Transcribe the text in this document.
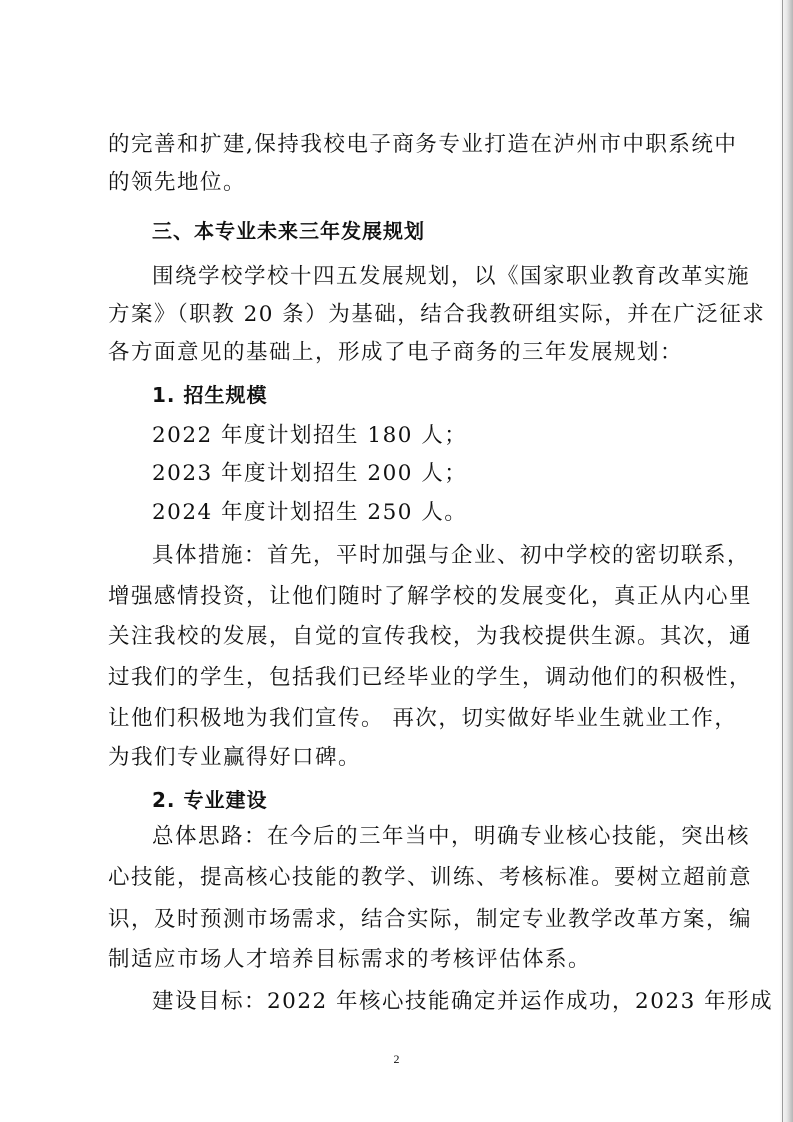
的完善和扩建,保持我校电子商务专业打造在泸州市中职系统中
的领先地位。
三、本专业未来三年发展规划
围绕学校学校十四五发展规划，以《国家职业教育改革实施
方案》（职教 20 条）为基础，结合我教研组实际，并在广泛征求
各方面意见的基础上，形成了电子商务的三年发展规划：
1. 招生规模
2022 年度计划招生 180 人；
2023 年度计划招生 200 人；
2024 年度计划招生 250 人。
具体措施：首先，平时加强与企业、初中学校的密切联系，
增强感情投资，让他们随时了解学校的发展变化，真正从内心里
关注我校的发展，自觉的宣传我校，为我校提供生源。其次，通
过我们的学生，包括我们已经毕业的学生，调动他们的积极性，
让他们积极地为我们宣传。 再次，切实做好毕业生就业工作，
为我们专业赢得好口碑。
2. 专业建设
总体思路：在今后的三年当中，明确专业核心技能，突出核
心技能，提高核心技能的教学、训练、考核标准。要树立超前意
识，及时预测市场需求，结合实际，制定专业教学改革方案，编
制适应市场人才培养目标需求的考核评估体系。
建设目标：2022 年核心技能确定并运作成功，2023 年形成
2
